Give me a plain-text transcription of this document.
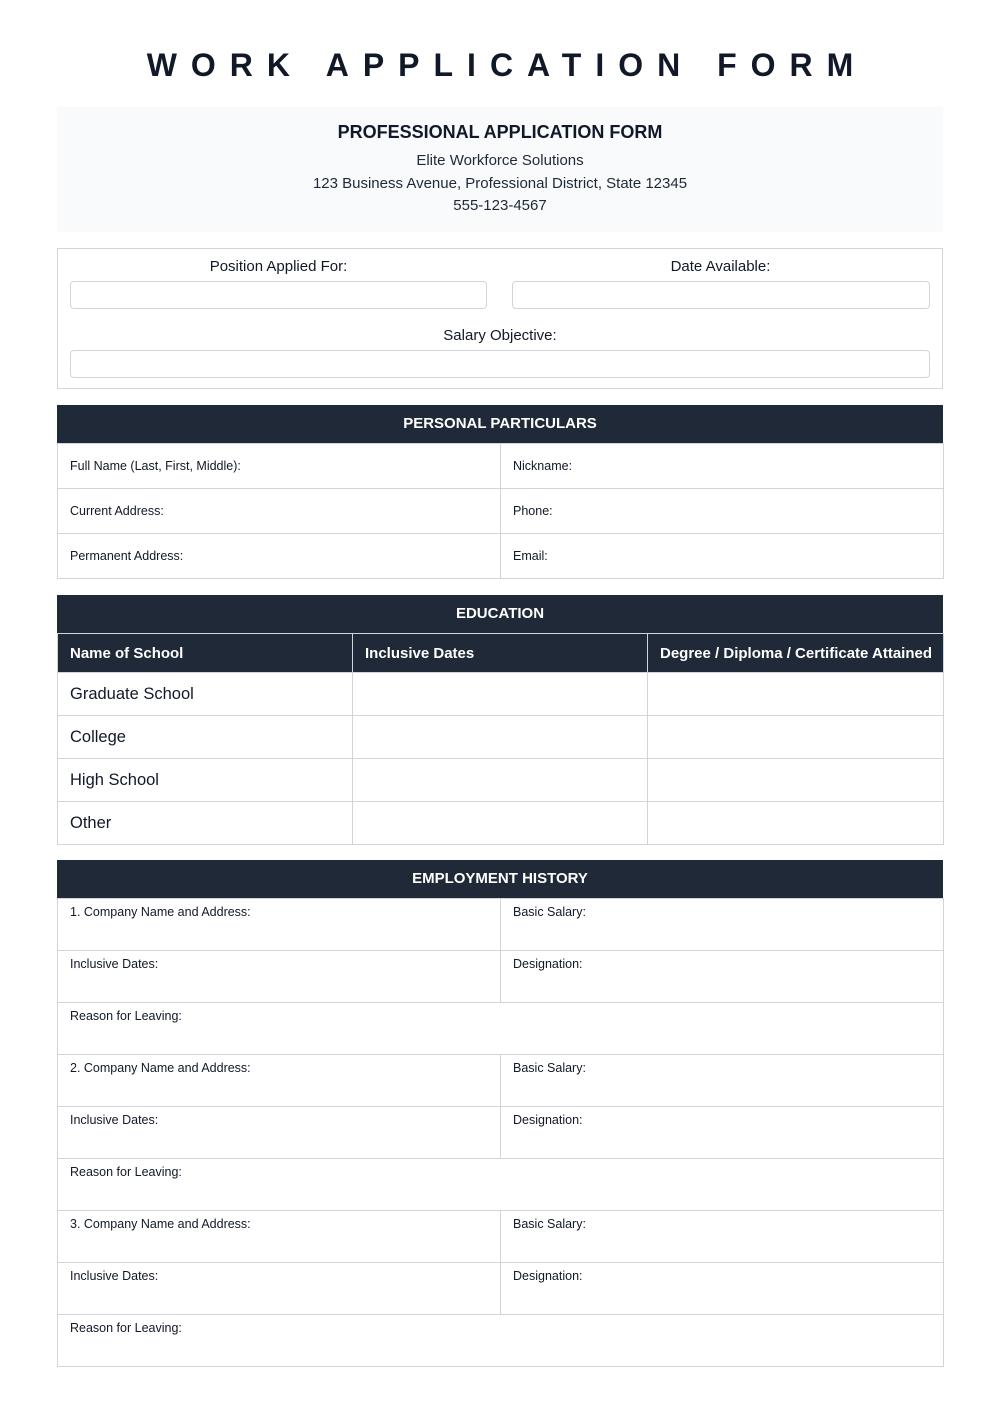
WORK APPLICATION FORM
PROFESSIONAL APPLICATION FORM
Elite Workforce Solutions
123 Business Avenue, Professional District, State 12345
555-123-4567
Position Applied For:	Date Available:
Salary Objective:
PERSONAL PARTICULARS
Full Name (Last, First, Middle):	Nickname:
Current Address:	Phone:
Permanent Address:	Email:
EDUCATION
Name of School	Inclusive Dates	Degree / Diploma / Certificate Attained
Graduate School		
College		
High School		
Other		
EMPLOYMENT HISTORY
1. Company Name and Address:	Basic Salary:
Inclusive Dates:	Designation:
Reason for Leaving:	
2. Company Name and Address:	Basic Salary:
Inclusive Dates:	Designation:
Reason for Leaving:	
3. Company Name and Address:	Basic Salary:
Inclusive Dates:	Designation:
Reason for Leaving:	
